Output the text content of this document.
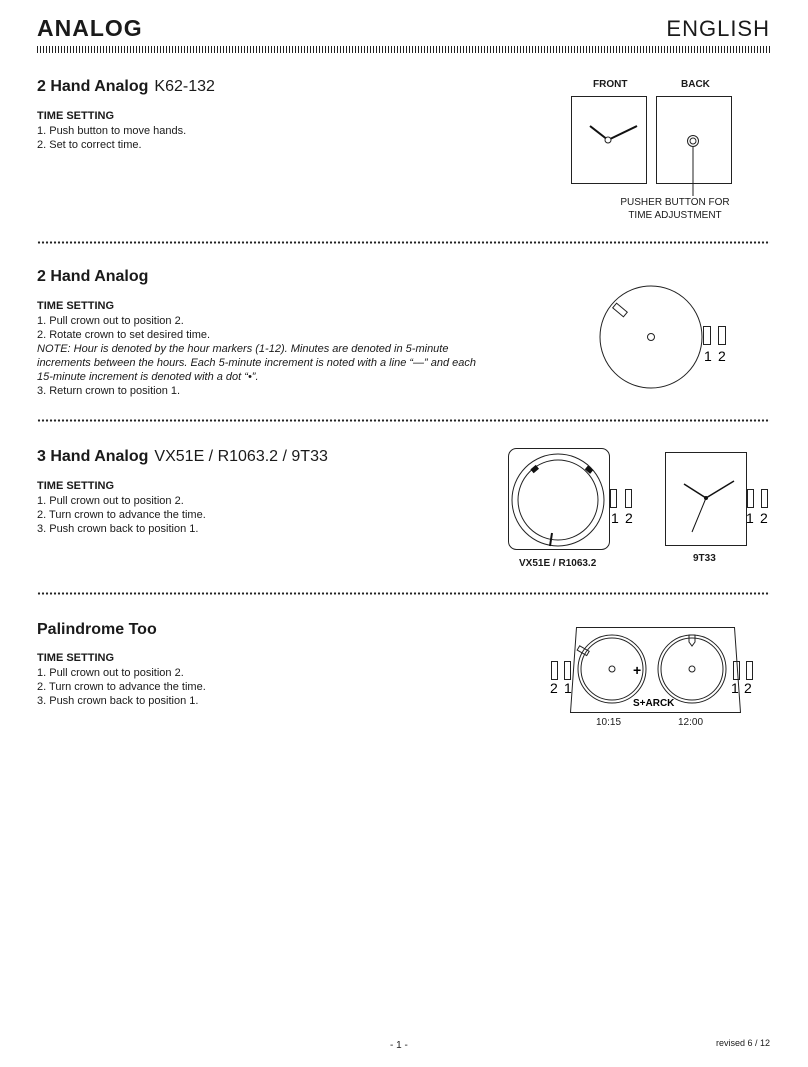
ANALOG	ENGLISH
2 Hand Analog K62-132
TIME SETTING
1. Push button to move hands.
2. Set to correct time.
FRONT	BACK
PUSHER BUTTON FOR
TIME ADJUSTMENT
2 Hand Analog
TIME SETTING
1. Pull crown out to position 2.
2. Rotate crown to set desired time.
NOTE: Hour is denoted by the hour markers (1-12). Minutes are denoted in 5-minute
increments between the hours. Each 5-minute increment is noted with a line “—” and each
15-minute increment is denoted with a dot “•”.
3. Return crown to position 1.
1 2
3 Hand Analog VX51E / R1063.2 / 9T33
TIME SETTING
1. Pull crown out to position 2.
2. Turn crown to advance the time.
3. Push crown back to position 1.
1 2	1 2
VX51E / R1063.2	9T33
Palindrome Too
TIME SETTING
1. Pull crown out to position 2.
2. Turn crown to advance the time.
3. Push crown back to position 1.
+
S+ARCK
2 1	1 2
10:15	12:00
- 1 -	revised 6 / 12
